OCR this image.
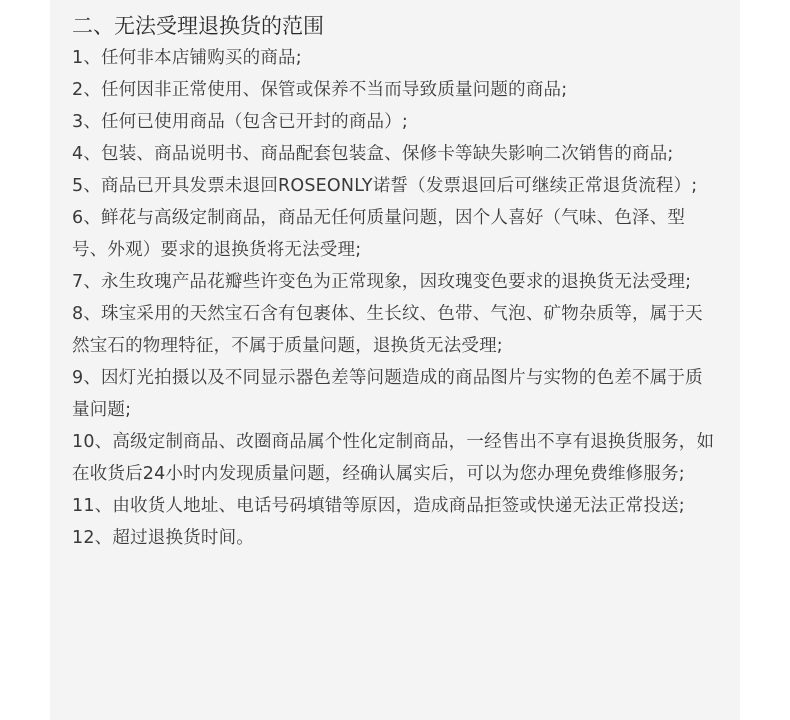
二、无法受理退换货的范围
1、任何非本店铺购买的商品;
2、任何因非正常使用、保管或保养不当而导致质量问题的商品;
3、任何已使用商品（包含已开封的商品）;
4、包装、商品说明书、商品配套包装盒、保修卡等缺失影响二次销售的商品;
5、商品已开具发票未退回ROSEONLY诺誓（发票退回后可继续正常退货流程）;
6、鲜花与高级定制商品，商品无任何质量问题，因个人喜好（气味、色泽、型号、外观）要求的退换货将无法受理;
7、永生玫瑰产品花瓣些许变色为正常现象，因玫瑰变色要求的退换货无法受理;
8、珠宝采用的天然宝石含有包裹体、生长纹、色带、气泡、矿物杂质等，属于天然宝石的物理特征，不属于质量问题，退换货无法受理;
9、因灯光拍摄以及不同显示器色差等问题造成的商品图片与实物的色差不属于质量问题;
10、高级定制商品、改圈商品属个性化定制商品，一经售出不享有退换货服务，如在收货后24小时内发现质量问题，经确认属实后，可以为您办理免费维修服务;
11、由收货人地址、电话号码填错等原因，造成商品拒签或快递无法正常投送;
12、超过退换货时间。
